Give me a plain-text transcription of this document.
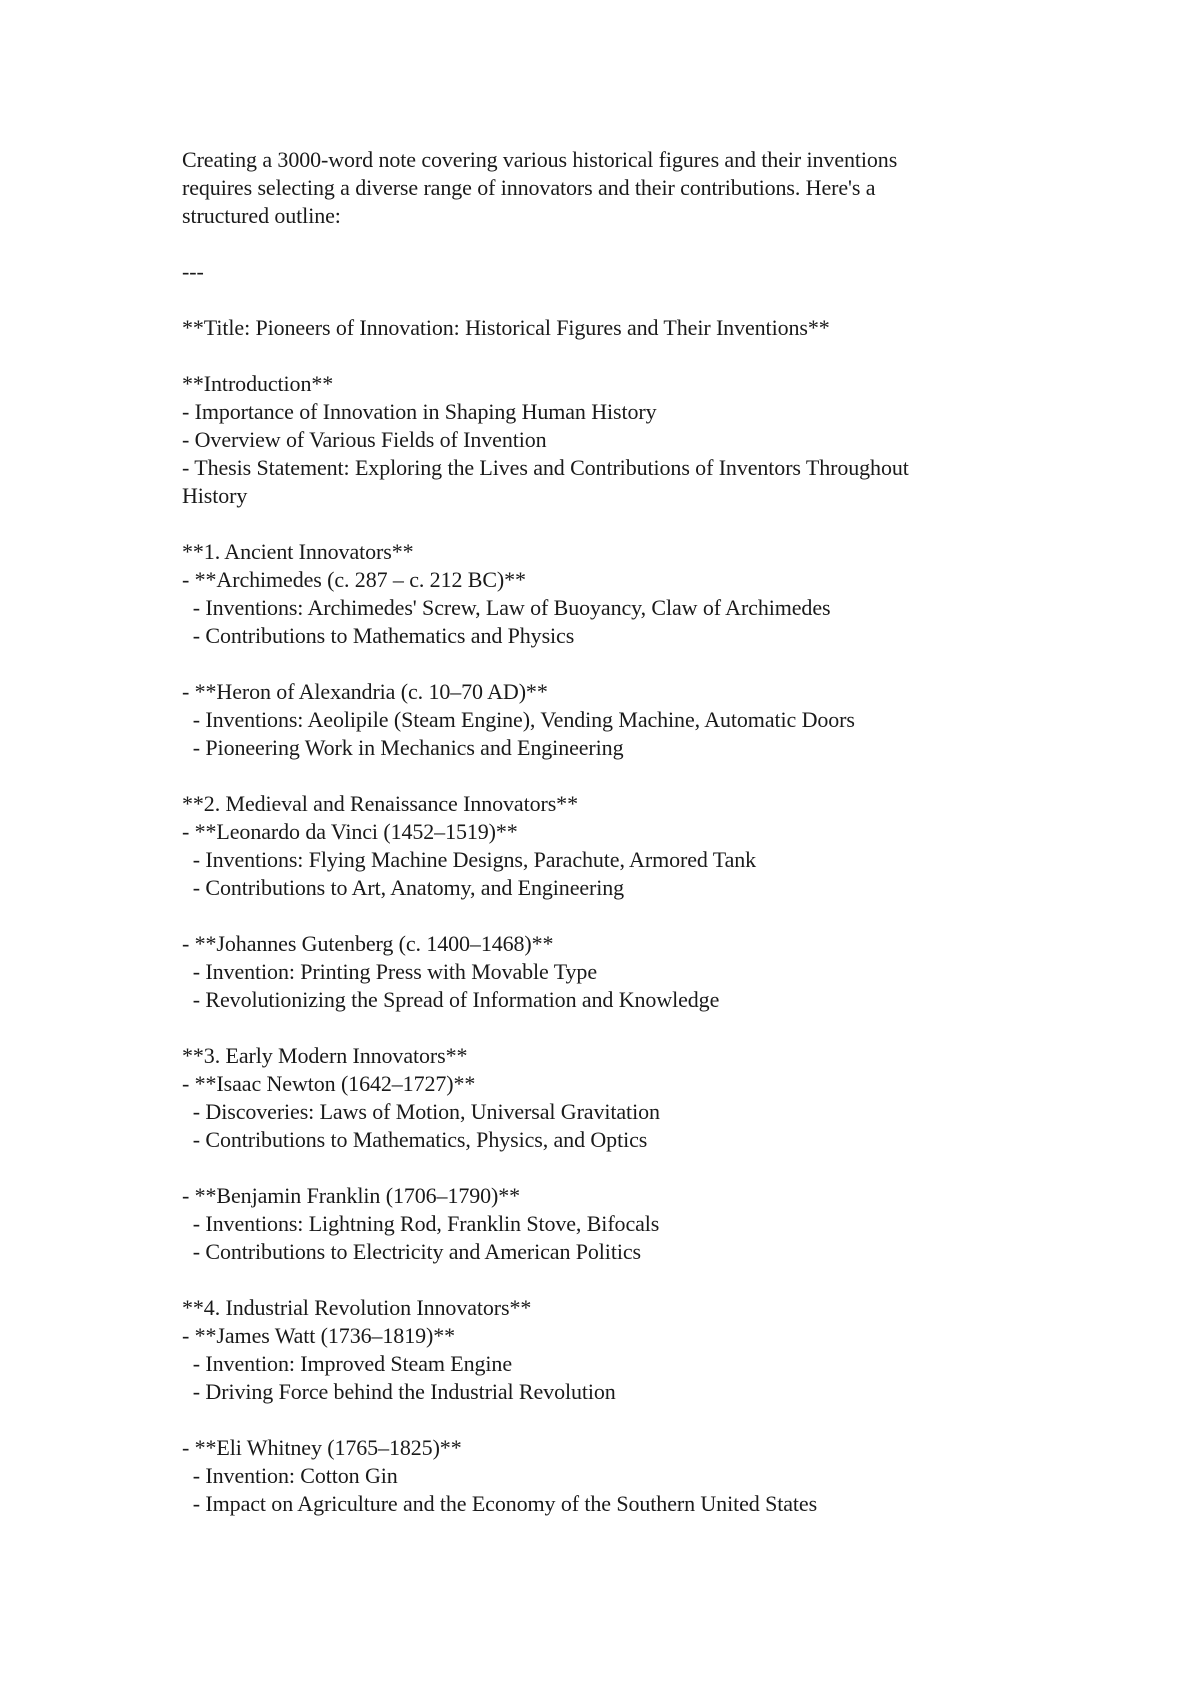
Creating a 3000-word note covering various historical figures and their inventions
requires selecting a diverse range of innovators and their contributions. Here's a
structured outline:
---
**Title: Pioneers of Innovation: Historical Figures and Their Inventions**
**Introduction**
- Importance of Innovation in Shaping Human History
- Overview of Various Fields of Invention
- Thesis Statement: Exploring the Lives and Contributions of Inventors Throughout
History
**1. Ancient Innovators**
- **Archimedes (c. 287 – c. 212 BC)**
- Inventions: Archimedes' Screw, Law of Buoyancy, Claw of Archimedes
- Contributions to Mathematics and Physics
- **Heron of Alexandria (c. 10–70 AD)**
- Inventions: Aeolipile (Steam Engine), Vending Machine, Automatic Doors
- Pioneering Work in Mechanics and Engineering
**2. Medieval and Renaissance Innovators**
- **Leonardo da Vinci (1452–1519)**
- Inventions: Flying Machine Designs, Parachute, Armored Tank
- Contributions to Art, Anatomy, and Engineering
- **Johannes Gutenberg (c. 1400–1468)**
- Invention: Printing Press with Movable Type
- Revolutionizing the Spread of Information and Knowledge
**3. Early Modern Innovators**
- **Isaac Newton (1642–1727)**
- Discoveries: Laws of Motion, Universal Gravitation
- Contributions to Mathematics, Physics, and Optics
- **Benjamin Franklin (1706–1790)**
- Inventions: Lightning Rod, Franklin Stove, Bifocals
- Contributions to Electricity and American Politics
**4. Industrial Revolution Innovators**
- **James Watt (1736–1819)**
- Invention: Improved Steam Engine
- Driving Force behind the Industrial Revolution
- **Eli Whitney (1765–1825)**
- Invention: Cotton Gin
- Impact on Agriculture and the Economy of the Southern United States
